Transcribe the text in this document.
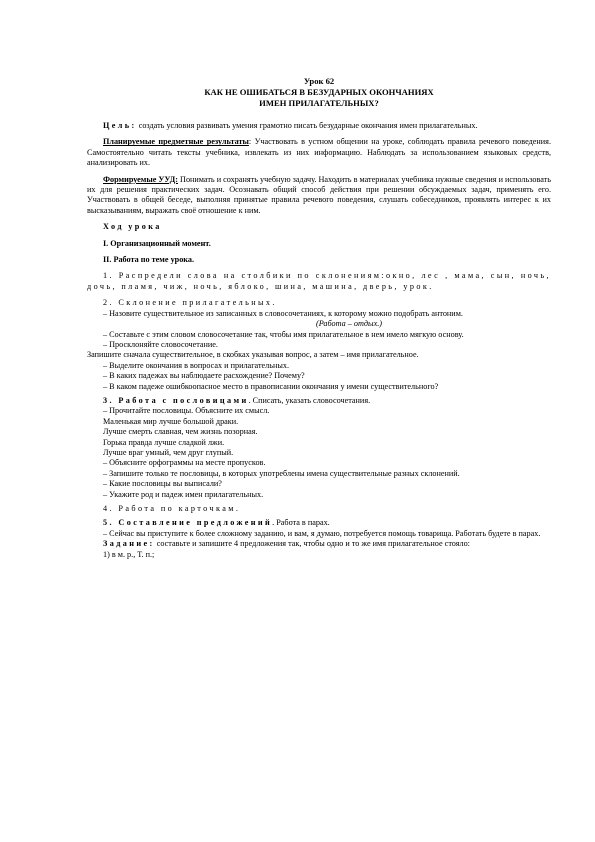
Урок 62
КАК НЕ ОШИБАТЬСЯ В БЕЗУДАРНЫХ ОКОНЧАНИЯХ
ИМЕН ПРИЛАГАТЕЛЬНЫХ?

Цель: создать условия развивать умения грамотно писать безударные окончания имен прилагательных.

Планируемые предметные результаты: Участвовать в устном общении на уроке, соблюдать правила речевого поведения. Самостоятельно читать тексты учебника, извлекать из них информацию. Наблюдать за использованием языковых средств, анализировать их.

Формируемые УУД: Понимать и сохранять учебную задачу. Находить в материалах учебника нужные сведения и использовать их для решения практических задач. Осознавать общий способ действия при решении обсуждаемых задач, применять его. Участвовать в общей беседе, выполняя принятые правила речевого поведения, слушать собеседников, проявлять интерес к их высказываниям, выражать своё отношение к ним.

Ход урока

I. Организационный момент.

II. Работа по теме урока.

1. Распредели слова на столбики по склонениям:окно, лес , мама, сын, ночь, дочь, пламя, чиж, ночь, яблоко, шина, машина, дверь, урок.

2. Склонение прилагательных.

– Назовите существительное из записанных в словосочетаниях, к которому можно подобрать антоним.

(Работа – отдых.)

– Составьте с этим словом словосочетание так, чтобы имя прилагательное в нем имело мягкую основу.

– Просклоняйте словосочетание.

Запишите сначала существительное, в скобках указывая вопрос, а затем – имя прилагательное.

– Выделите окончания в вопросах и прилагательных.

– В каких падежах вы наблюдаете расхождение? Почему?

– В каком падеже ошибкоопасное место в правописании окончания у имени существительного?

3. Работа с пословицами. Списать, указать словосочетания.

– Прочитайте пословицы. Объясните их смысл.

Маленькая мир лучше большой драки.

Лучше смерть славная, чем жизнь позорная.

Горька правда лучше сладкой лжи.

Лучше враг умный, чем друг глупый.

– Объясните орфограммы на месте пропусков.

– Запишите только те пословицы, в которых употреблены имена существительные разных склонений.

– Какие пословицы вы выписали?

– Укажите род и падеж имен прилагательных.

4. Работа по карточкам.

5. Составление предложений. Работа в парах.

– Сейчас вы приступите к более сложному заданию, и вам, я думаю, потребуется помощь товарища. Работать будете в парах.

Задание: составьте и запишите 4 предложения так, чтобы одно и то же имя прилагательное стояло:

1) в м. р., Т. п.;
